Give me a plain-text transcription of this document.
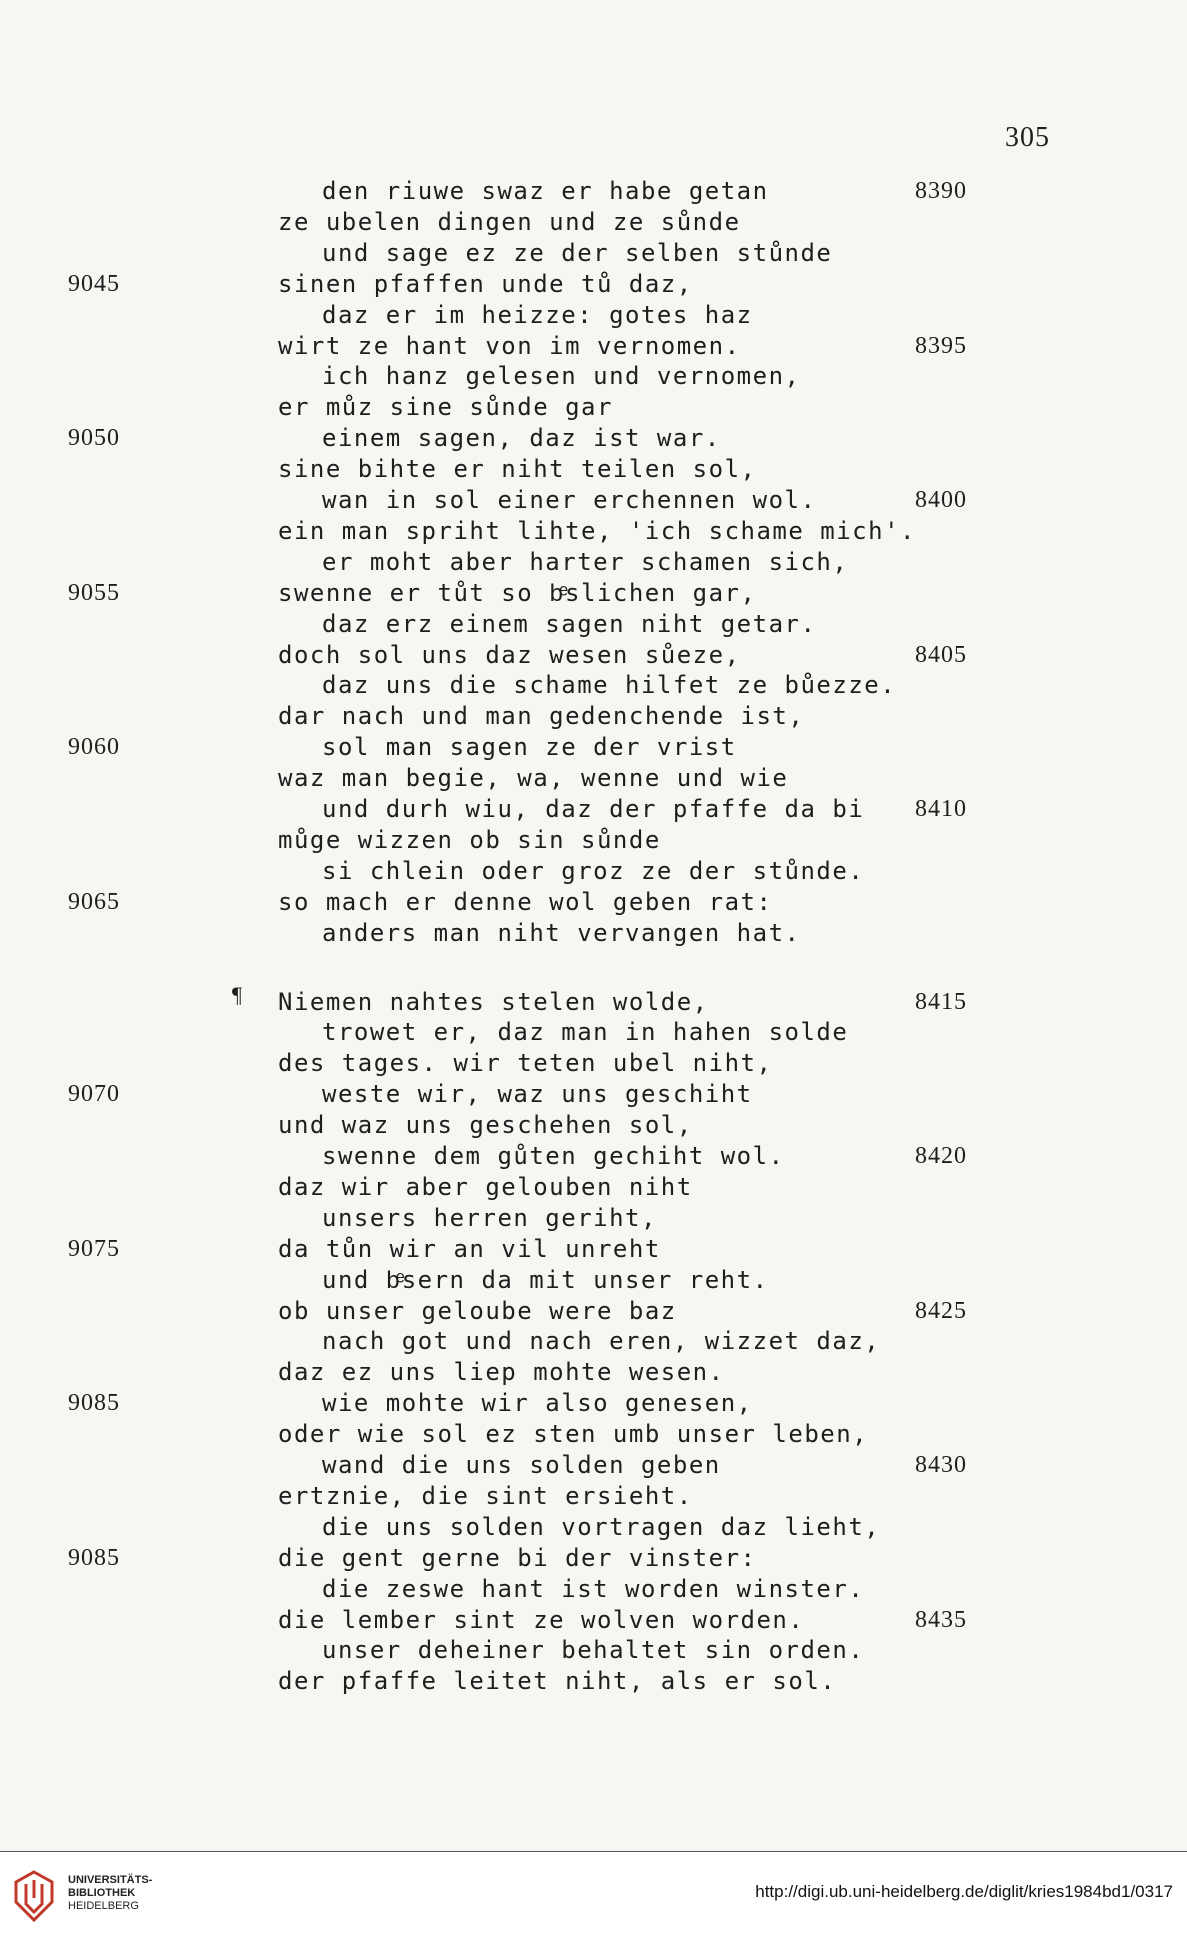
305
¶
den riuwe swaz er habe getan
ze ubelen dingen und ze sůnde
und sage ez ze der selben stůnde
sinen pfaffen unde tů daz,
daz er im heizze: gotes haz
wirt ze hant von im vernomen.
ich hanz gelesen und vernomen,
er můz sine sůnde gar
einem sagen, daz ist war.
sine bihte er niht teilen sol,
wan in sol einer erchennen wol.
ein man spriht lihte, 'ich schame mich'.
er moht aber harter schamen sich,
swenne er tůt so bͤslichen gar,
daz erz einem sagen niht getar.
doch sol uns daz wesen sůeze,
daz uns die schame hilfet ze bůezze.
dar nach und man gedenchende ist,
sol man sagen ze der vrist
waz man begie, wa, wenne und wie
und durh wiu, daz der pfaffe da bi
můge wizzen ob sin sůnde
si chlein oder groz ze der stůnde.
so mach er denne wol geben rat:
anders man niht vervangen hat.
Niemen nahtes stelen wolde,
trowet er, daz man in hahen solde
des tages. wir teten ubel niht,
weste wir, waz uns geschiht
und waz uns geschehen sol,
swenne dem gůten gechiht wol.
daz wir aber gelouben niht
unsers herren geriht,
da tůn wir an vil unreht
und bͤsern da mit unser reht.
ob unser geloube were baz
nach got und nach eren, wizzet daz,
daz ez uns liep mohte wesen.
wie mohte wir also genesen,
oder wie sol ez sten umb unser leben,
wand die uns solden geben
ertznie, die sint ersieht.
die uns solden vortragen daz lieht,
die gent gerne bi der vinster:
die zeswe hant ist worden winster.
die lember sint ze wolven worden.
unser deheiner behaltet sin orden.
der pfaffe leitet niht, als er sol.
9045
9050
9055
9060
9065
9070
9075
9085
9085
8390
8395
8400
8405
8410
8415
8420
8425
8430
8435
UNIVERSITÄTS-
BIBLIOTHEK
HEIDELBERG
http://digi.ub.uni-heidelberg.de/diglit/kries1984bd1/0317
